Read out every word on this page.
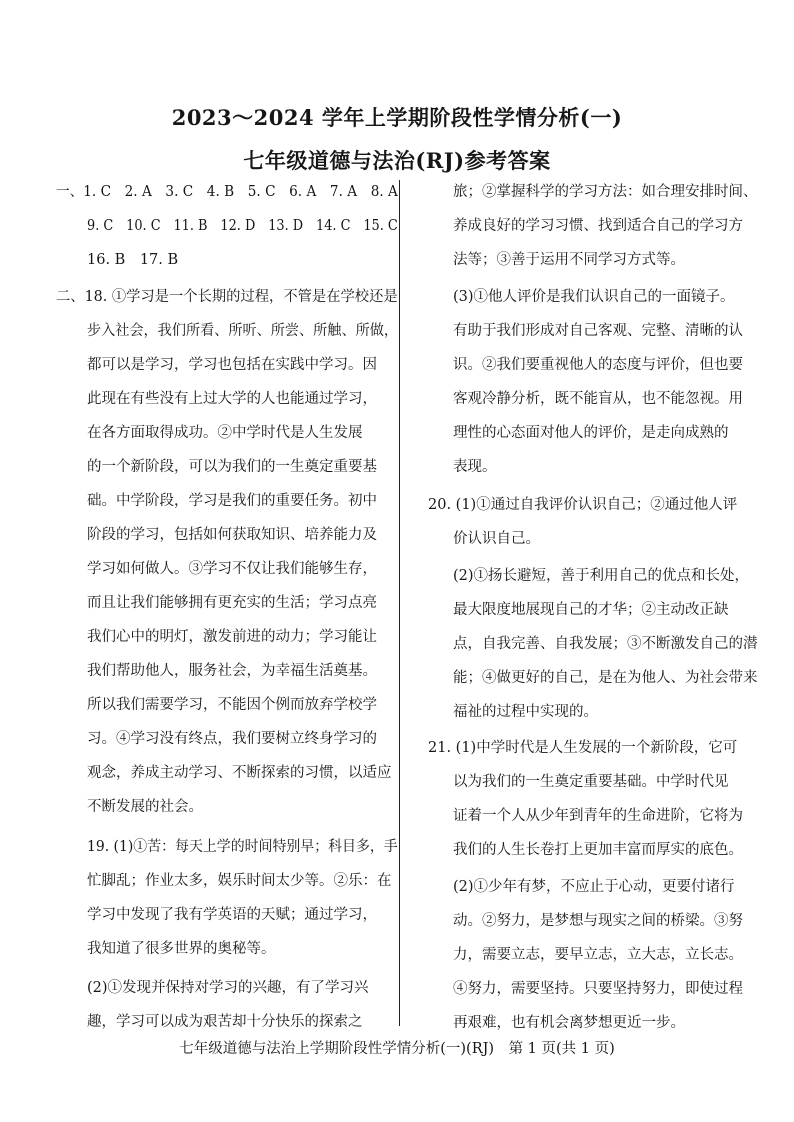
2023～2024 学年上学期阶段性学情分析(一)
七年级道德与法治(RJ)参考答案
一、1. C　2. A　3. C　4. B　5. C　6. A　7. A　8. A
9. C　10. C　11. B　12. D　13. D　14. C　15. C
16. B　17. B
二、18. ①学习是一个长期的过程，不管是在学校还是
步入社会，我们所看、所听、所尝、所触、所做，
都可以是学习，学习也包括在实践中学习。因
此现在有些没有上过大学的人也能通过学习，
在各方面取得成功。②中学时代是人生发展
的一个新阶段，可以为我们的一生奠定重要基
础。中学阶段，学习是我们的重要任务。初中
阶段的学习，包括如何获取知识、培养能力及
学习如何做人。③学习不仅让我们能够生存，
而且让我们能够拥有更充实的生活；学习点亮
我们心中的明灯，激发前进的动力；学习能让
我们帮助他人，服务社会，为幸福生活奠基。
所以我们需要学习，不能因个例而放弃学校学
习。④学习没有终点，我们要树立终身学习的
观念，养成主动学习、不断探索的习惯，以适应
不断发展的社会。
19. (1)①苦：每天上学的时间特别早；科目多，手
忙脚乱；作业太多，娱乐时间太少等。②乐：在
学习中发现了我有学英语的天赋；通过学习，
我知道了很多世界的奥秘等。
(2)①发现并保持对学习的兴趣，有了学习兴
趣，学习可以成为艰苦却十分快乐的探索之
旅；②掌握科学的学习方法：如合理安排时间、
养成良好的学习习惯、找到适合自己的学习方
法等；③善于运用不同学习方式等。
(3)①他人评价是我们认识自己的一面镜子。
有助于我们形成对自己客观、完整、清晰的认
识。②我们要重视他人的态度与评价，但也要
客观冷静分析，既不能盲从，也不能忽视。用
理性的心态面对他人的评价，是走向成熟的
表现。
20. (1)①通过自我评价认识自己；②通过他人评
价认识自己。
(2)①扬长避短，善于利用自己的优点和长处，
最大限度地展现自己的才华；②主动改正缺
点，自我完善、自我发展；③不断激发自己的潜
能；④做更好的自己，是在为他人、为社会带来
福祉的过程中实现的。
21. (1)中学时代是人生发展的一个新阶段，它可
以为我们的一生奠定重要基础。中学时代见
证着一个人从少年到青年的生命进阶，它将为
我们的人生长卷打上更加丰富而厚实的底色。
(2)①少年有梦，不应止于心动，更要付诸行
动。②努力，是梦想与现实之间的桥梁。③努
力，需要立志，要早立志，立大志，立长志。
④努力，需要坚持。只要坚持努力，即使过程
再艰难，也有机会离梦想更近一步。
七年级道德与法治上学期阶段性学情分析(一)(RJ)　第 1 页(共 1 页)
